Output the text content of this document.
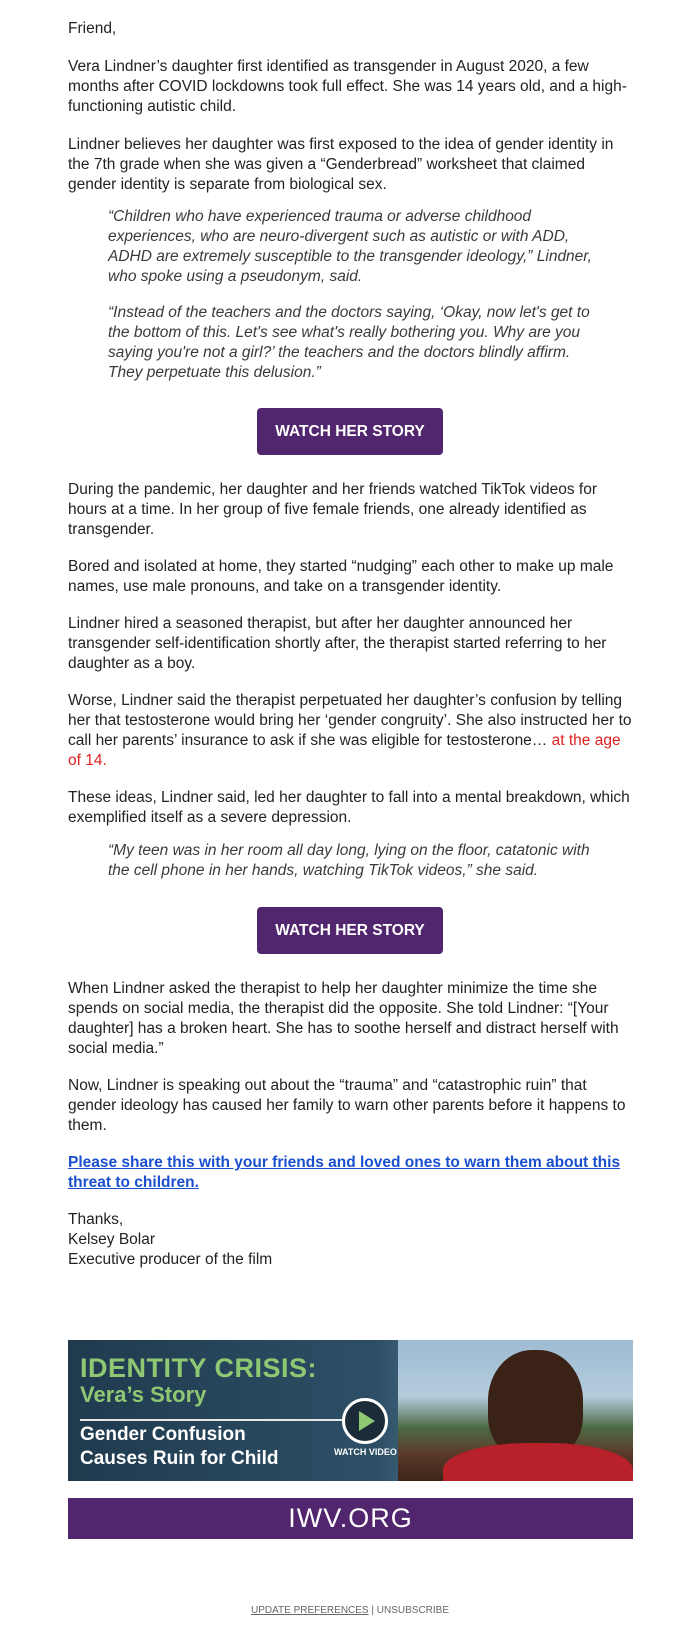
Friend,

Vera Lindner’s daughter first identified as transgender in August 2020, a few months after COVID lockdowns took full effect. She was 14 years old, and a high-functioning autistic child.

Lindner believes her daughter was first exposed to the idea of gender identity in the 7th grade when she was given a “Genderbread” worksheet that claimed gender identity is separate from biological sex.

“Children who have experienced trauma or adverse childhood experiences, who are neuro-divergent such as autistic or with ADD, ADHD are extremely susceptible to the transgender ideology,” Lindner, who spoke using a pseudonym, said.

“Instead of the teachers and the doctors saying, ‘Okay, now let's get to the bottom of this. Let's see what's really bothering you. Why are you saying you're not a girl?’ the teachers and the doctors blindly affirm. They perpetuate this delusion.”

During the pandemic, her daughter and her friends watched TikTok videos for hours at a time. In her group of five female friends, one already identified as transgender.

Bored and isolated at home, they started “nudging” each other to make up male names, use male pronouns, and take on a transgender identity.

Lindner hired a seasoned therapist, but after her daughter announced her transgender self-identification shortly after, the therapist started referring to her daughter as a boy.

Worse, Lindner said the therapist perpetuated her daughter’s confusion by telling her that testosterone would bring her ‘gender congruity’. She also instructed her to call her parents’ insurance to ask if she was eligible for testosterone… at the age of 14.

These ideas, Lindner said, led her daughter to fall into a mental breakdown, which exemplified itself as a severe depression.

“My teen was in her room all day long, lying on the floor, catatonic with the cell phone in her hands, watching TikTok videos,” she said.

When Lindner asked the therapist to help her daughter minimize the time she spends on social media, the therapist did the opposite. She told Lindner: “[Your daughter] has a broken heart. She has to soothe herself and distract herself with social media.”

Now, Lindner is speaking out about the “trauma” and “catastrophic ruin” that gender ideology has caused her family to warn other parents before it happens to them.

Please share this with your friends and loved ones to warn them about this threat to children.

Thanks,

Kelsey Bolar

Executive producer of the film

WATCH HER STORY
WATCH HER STORY
IDENTITY CRISIS:
Vera’s Story
Gender Confusion
Causes Ruin for Child	WATCH VIDEO
IWV.ORG
UPDATE PREFERENCES | UNSUBSCRIBE
